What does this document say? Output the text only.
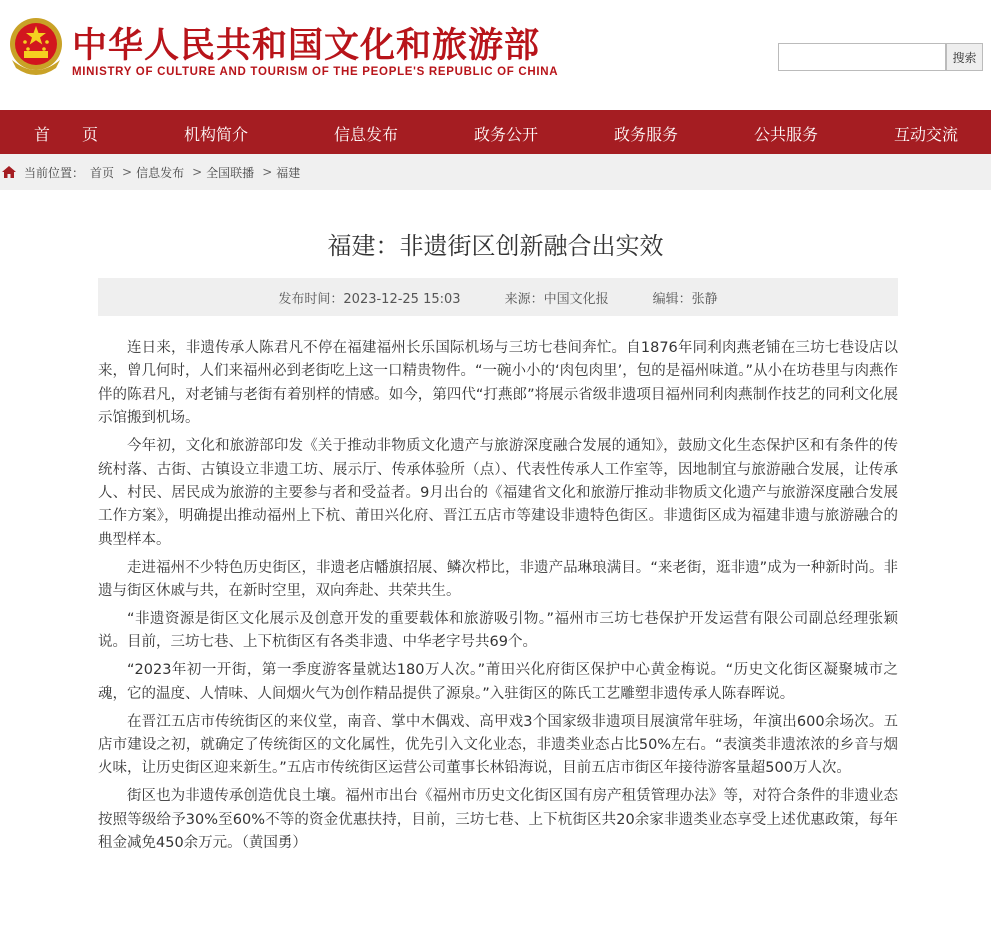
中华人民共和国文化和旅游部
MINISTRY OF CULTURE AND TOURISM OF THE PEOPLE'S REPUBLIC OF CHINA
搜索
首　　页	机构简介	信息发布	政务公开	政务服务	公共服务	互动交流
当前位置： 首页 > 信息发布 > 全国联播 > 福建
福建：非遗街区创新融合出实效
发布时间：2023-12-25 15:03	来源：中国文化报	编辑：张静

连日来，非遗传承人陈君凡不停在福建福州长乐国际机场与三坊七巷间奔忙。自1876年同利肉燕老铺在三坊七巷设店以来，曾几何时，人们来福州必到老街吃上这一口精贵物件。“一碗小小的‘肉包肉里’，包的是福州味道。”从小在坊巷里与肉燕作伴的陈君凡，对老铺与老街有着别样的情感。如今，第四代“打燕郎”将展示省级非遗项目福州同利肉燕制作技艺的同利文化展示馆搬到机场。

今年初，文化和旅游部印发《关于推动非物质文化遗产与旅游深度融合发展的通知》，鼓励文化生态保护区和有条件的传统村落、古街、古镇设立非遗工坊、展示厅、传承体验所（点）、代表性传承人工作室等，因地制宜与旅游融合发展，让传承人、村民、居民成为旅游的主要参与者和受益者。9月出台的《福建省文化和旅游厅推动非物质文化遗产与旅游深度融合发展工作方案》，明确提出推动福州上下杭、莆田兴化府、晋江五店市等建设非遗特色街区。非遗街区成为福建非遗与旅游融合的典型样本。

走进福州不少特色历史街区，非遗老店幡旗招展、鳞次栉比，非遗产品琳琅满目。“来老街，逛非遗”成为一种新时尚。非遗与街区休戚与共，在新时空里，双向奔赴、共荣共生。

“非遗资源是街区文化展示及创意开发的重要载体和旅游吸引物。”福州市三坊七巷保护开发运营有限公司副总经理张颖说。目前，三坊七巷、上下杭街区有各类非遗、中华老字号共69个。

“2023年初一开街，第一季度游客量就达180万人次。”莆田兴化府街区保护中心黄金梅说。“历史文化街区凝聚城市之魂，它的温度、人情味、人间烟火气为创作精品提供了源泉。”入驻街区的陈氏工艺雕塑非遗传承人陈春晖说。

在晋江五店市传统街区的来仪堂，南音、掌中木偶戏、高甲戏3个国家级非遗项目展演常年驻场，年演出600余场次。五店市建设之初，就确定了传统街区的文化属性，优先引入文化业态，非遗类业态占比50%左右。“表演类非遗浓浓的乡音与烟火味，让历史街区迎来新生。”五店市传统街区运营公司董事长林铅海说，目前五店市街区年接待游客量超500万人次。

街区也为非遗传承创造优良土壤。福州市出台《福州市历史文化街区国有房产租赁管理办法》等，对符合条件的非遗业态按照等级给予30%至60%不等的资金优惠扶持，目前，三坊七巷、上下杭街区共20余家非遗类业态享受上述优惠政策，每年租金减免450余万元。（黄国勇）
